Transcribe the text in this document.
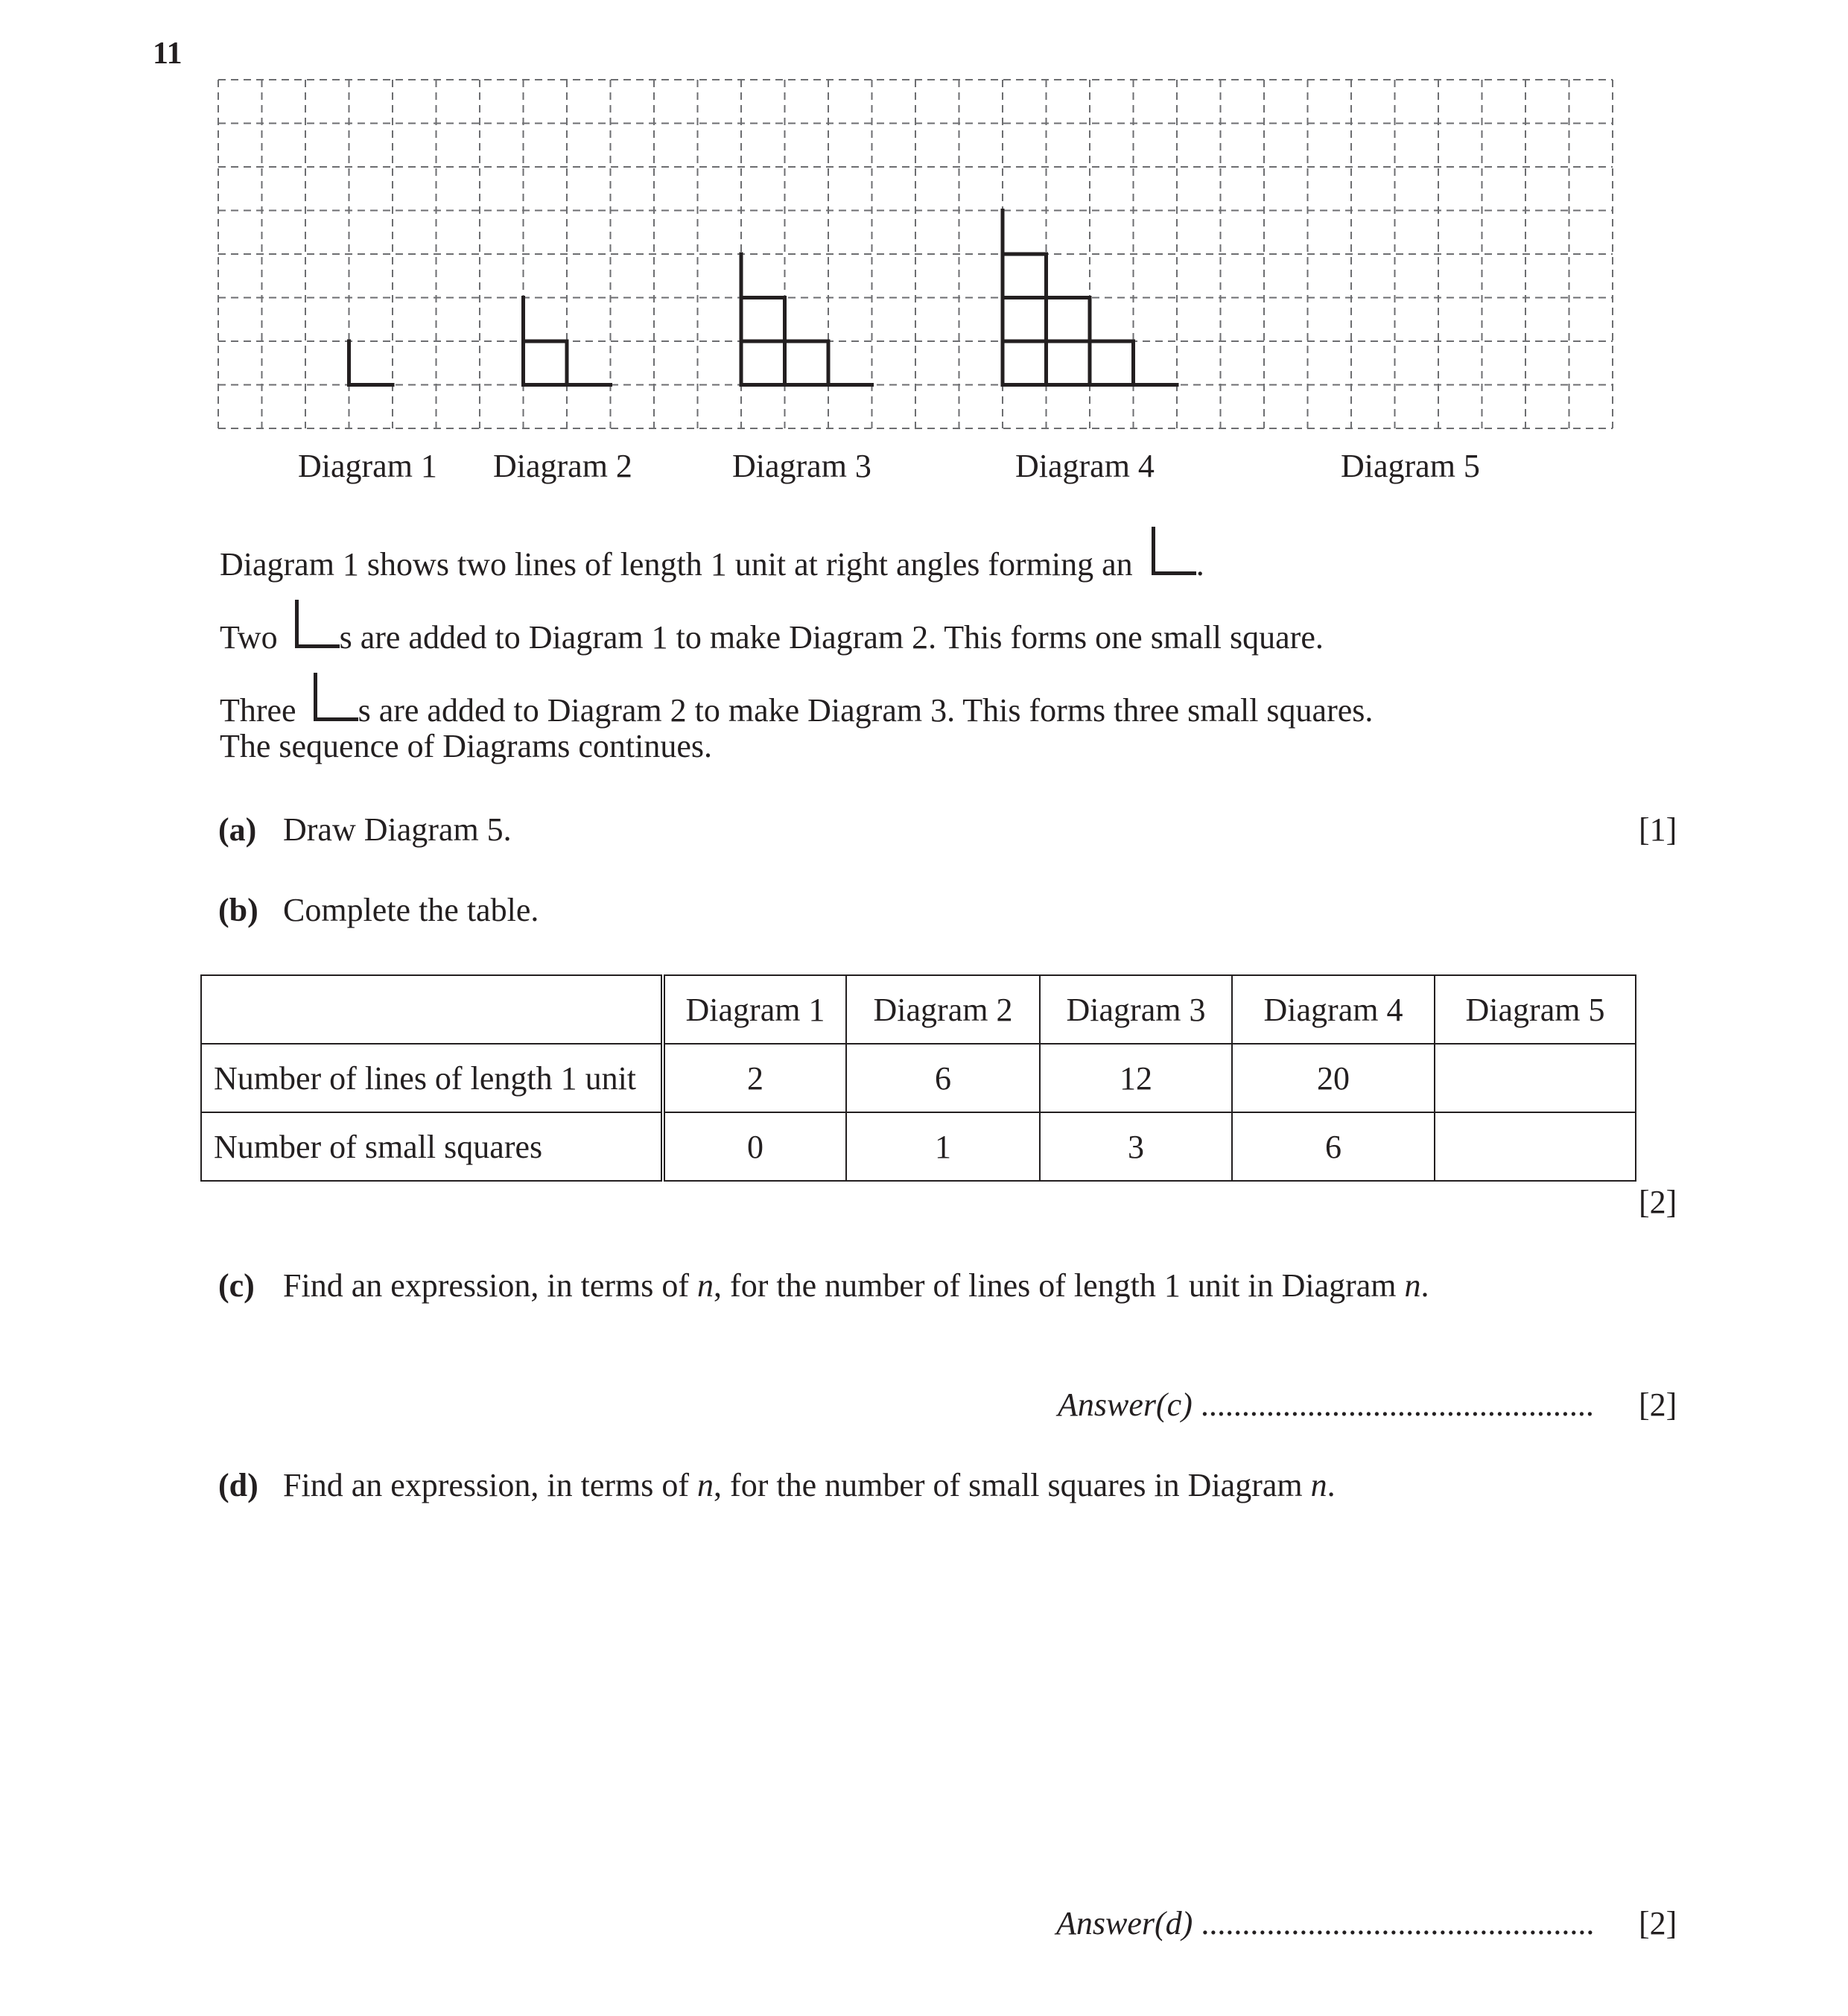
11
Diagram 1 Diagram 2	Diagram 3	Diagram 4	Diagram 5
Diagram 1 shows two lines of length 1 unit at right angles forming an .
Two s are added to Diagram 1 to make Diagram 2. This forms one small square.
Three s are added to Diagram 2 to make Diagram 3. This forms three small squares.
The sequence of Diagrams continues.
(a) Draw Diagram 5.	[1]
(b) Complete the table.
	Diagram 1	Diagram 2	Diagram 3	Diagram 4	Diagram 5
Number of lines of length 1 unit	2	6	12	20	
Number of small squares	0	1	3	6	
[2]
(c) Find an expression, in terms of n, for the number of lines of length 1 unit in Diagram n.
Answer(c) ................................................ [2]
(d) Find an expression, in terms of n, for the number of small squares in Diagram n.
Answer(d) ................................................ [2]
